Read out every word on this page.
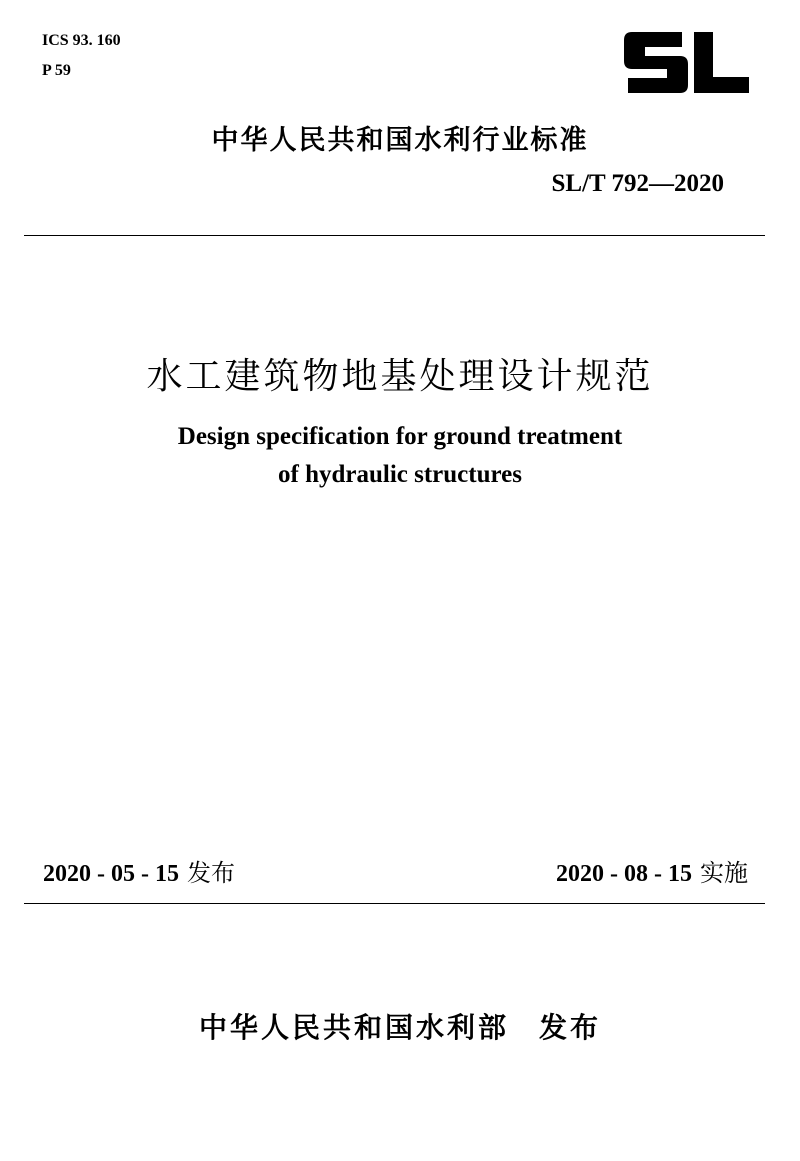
ICS 93. 160
P 59
中华人民共和国水利行业标准
SL/T 792—2020
水工建筑物地基处理设计规范
Design specification for ground treatment
of hydraulic structures
2020 - 05 - 15 发布	2020 - 08 - 15 实施
中华人民共和国水利部 发布
